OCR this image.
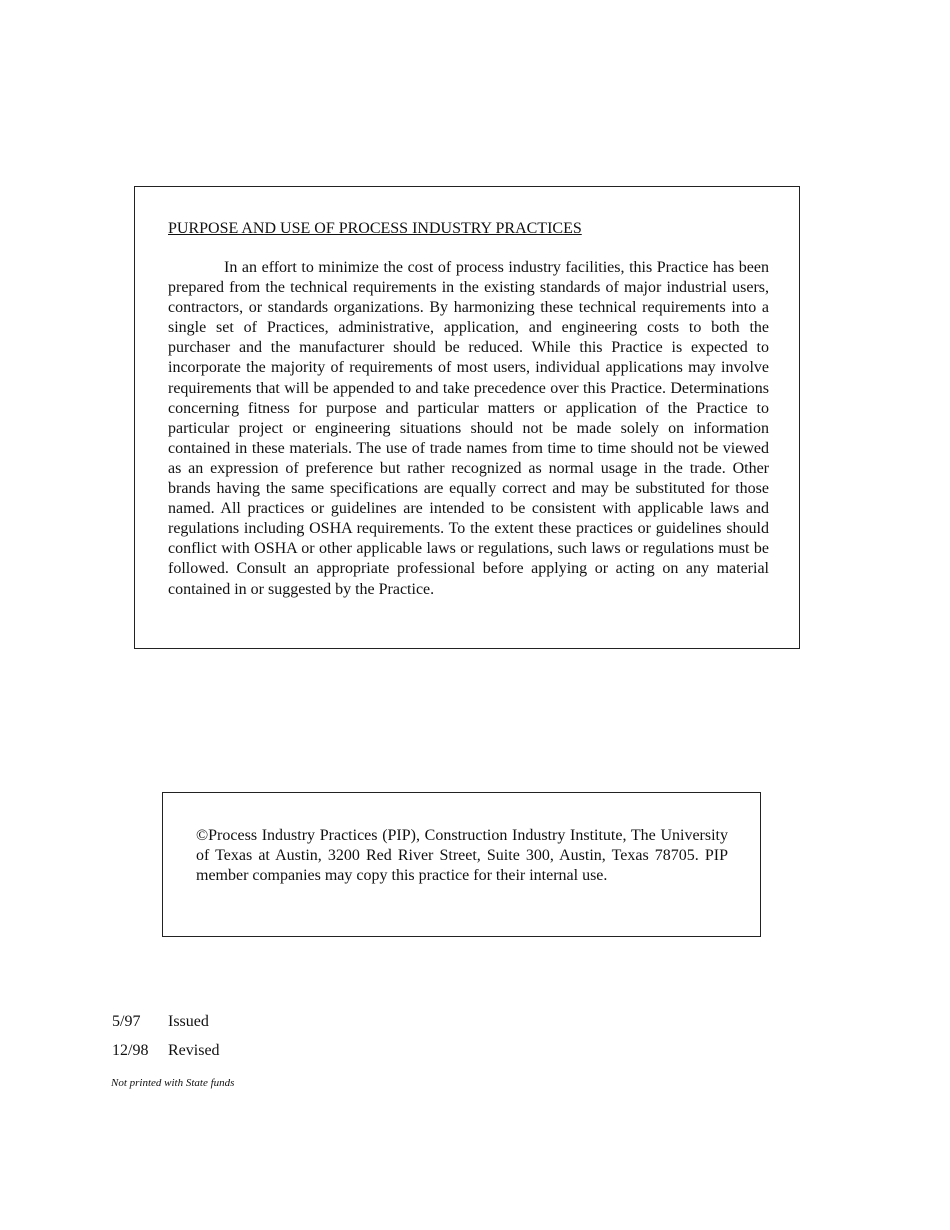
PURPOSE AND USE OF PROCESS INDUSTRY PRACTICES

In an effort to minimize the cost of process industry facilities, this Practice has been prepared from the technical requirements in the existing standards of major industrial users, contractors, or standards organizations. By harmonizing these technical requirements into a single set of Practices, administrative, application, and engineering costs to both the purchaser and the manufacturer should be reduced. While this Practice is expected to incorporate the majority of requirements of most users, individual applications may involve requirements that will be appended to and take precedence over this Practice. Determinations concerning fitness for purpose and particular matters or application of the Practice to particular project or engineering situations should not be made solely on information contained in these materials. The use of trade names from time to time should not be viewed as an expression of preference but rather recognized as normal usage in the trade. Other brands having the same specifications are equally correct and may be substituted for those named. All practices or guidelines are intended to be consistent with applicable laws and regulations including OSHA requirements. To the extent these practices or guidelines should conflict with OSHA or other applicable laws or regulations, such laws or regulations must be followed. Consult an appropriate professional before applying or acting on any material contained in or suggested by the Practice.

©Process Industry Practices (PIP), Construction Industry Institute, The University of Texas at Austin, 3200 Red River Street, Suite 300, Austin, Texas 78705. PIP member companies may copy this practice for their internal use.

5/97	Issued
12/98	Revised

Not printed with State funds
